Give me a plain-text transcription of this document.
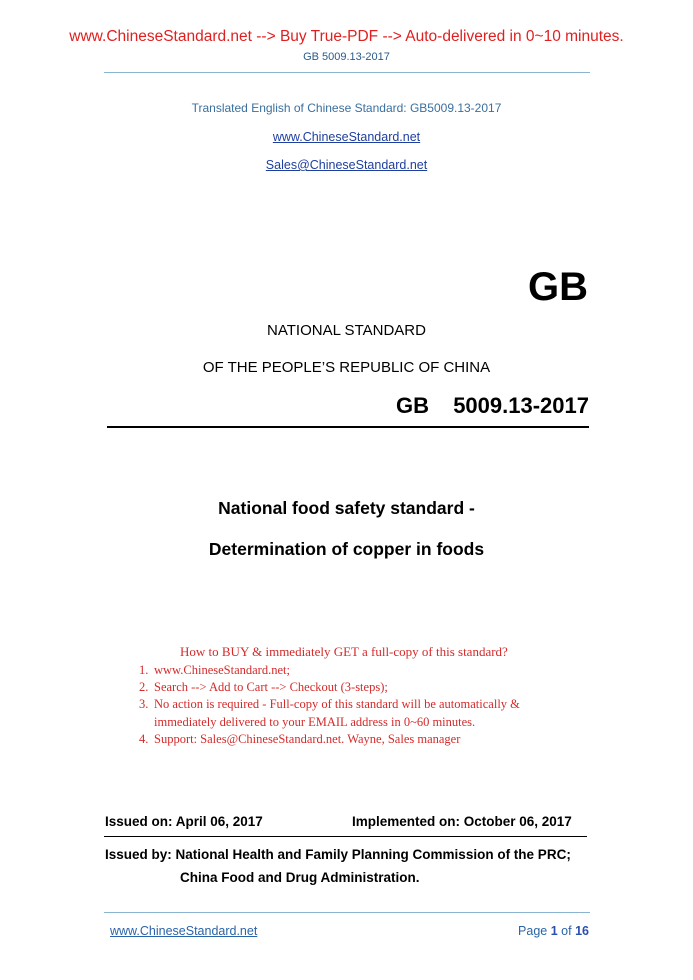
www.ChineseStandard.net --> Buy True-PDF --> Auto-delivered in 0~10 minutes.
GB 5009.13-2017
Translated English of Chinese Standard: GB5009.13-2017
www.ChineseStandard.net
Sales@ChineseStandard.net
GB
NATIONAL STANDARD
OF THE PEOPLE’S REPUBLIC OF CHINA
GB  5009.13-2017
National food safety standard -
Determination of copper in foods
How to BUY & immediately GET a full-copy of this standard?
1. www.ChineseStandard.net;
2. Search --> Add to Cart --> Checkout (3-steps);
3. No action is required - Full-copy of this standard will be automatically &
immediately delivered to your EMAIL address in 0~60 minutes.
4. Support: Sales@ChineseStandard.net. Wayne, Sales manager
Issued on: April 06, 2017	Implemented on: October 06, 2017
Issued by: National Health and Family Planning Commission of the PRC;
China Food and Drug Administration.
www.ChineseStandard.net	Page 1 of 16
